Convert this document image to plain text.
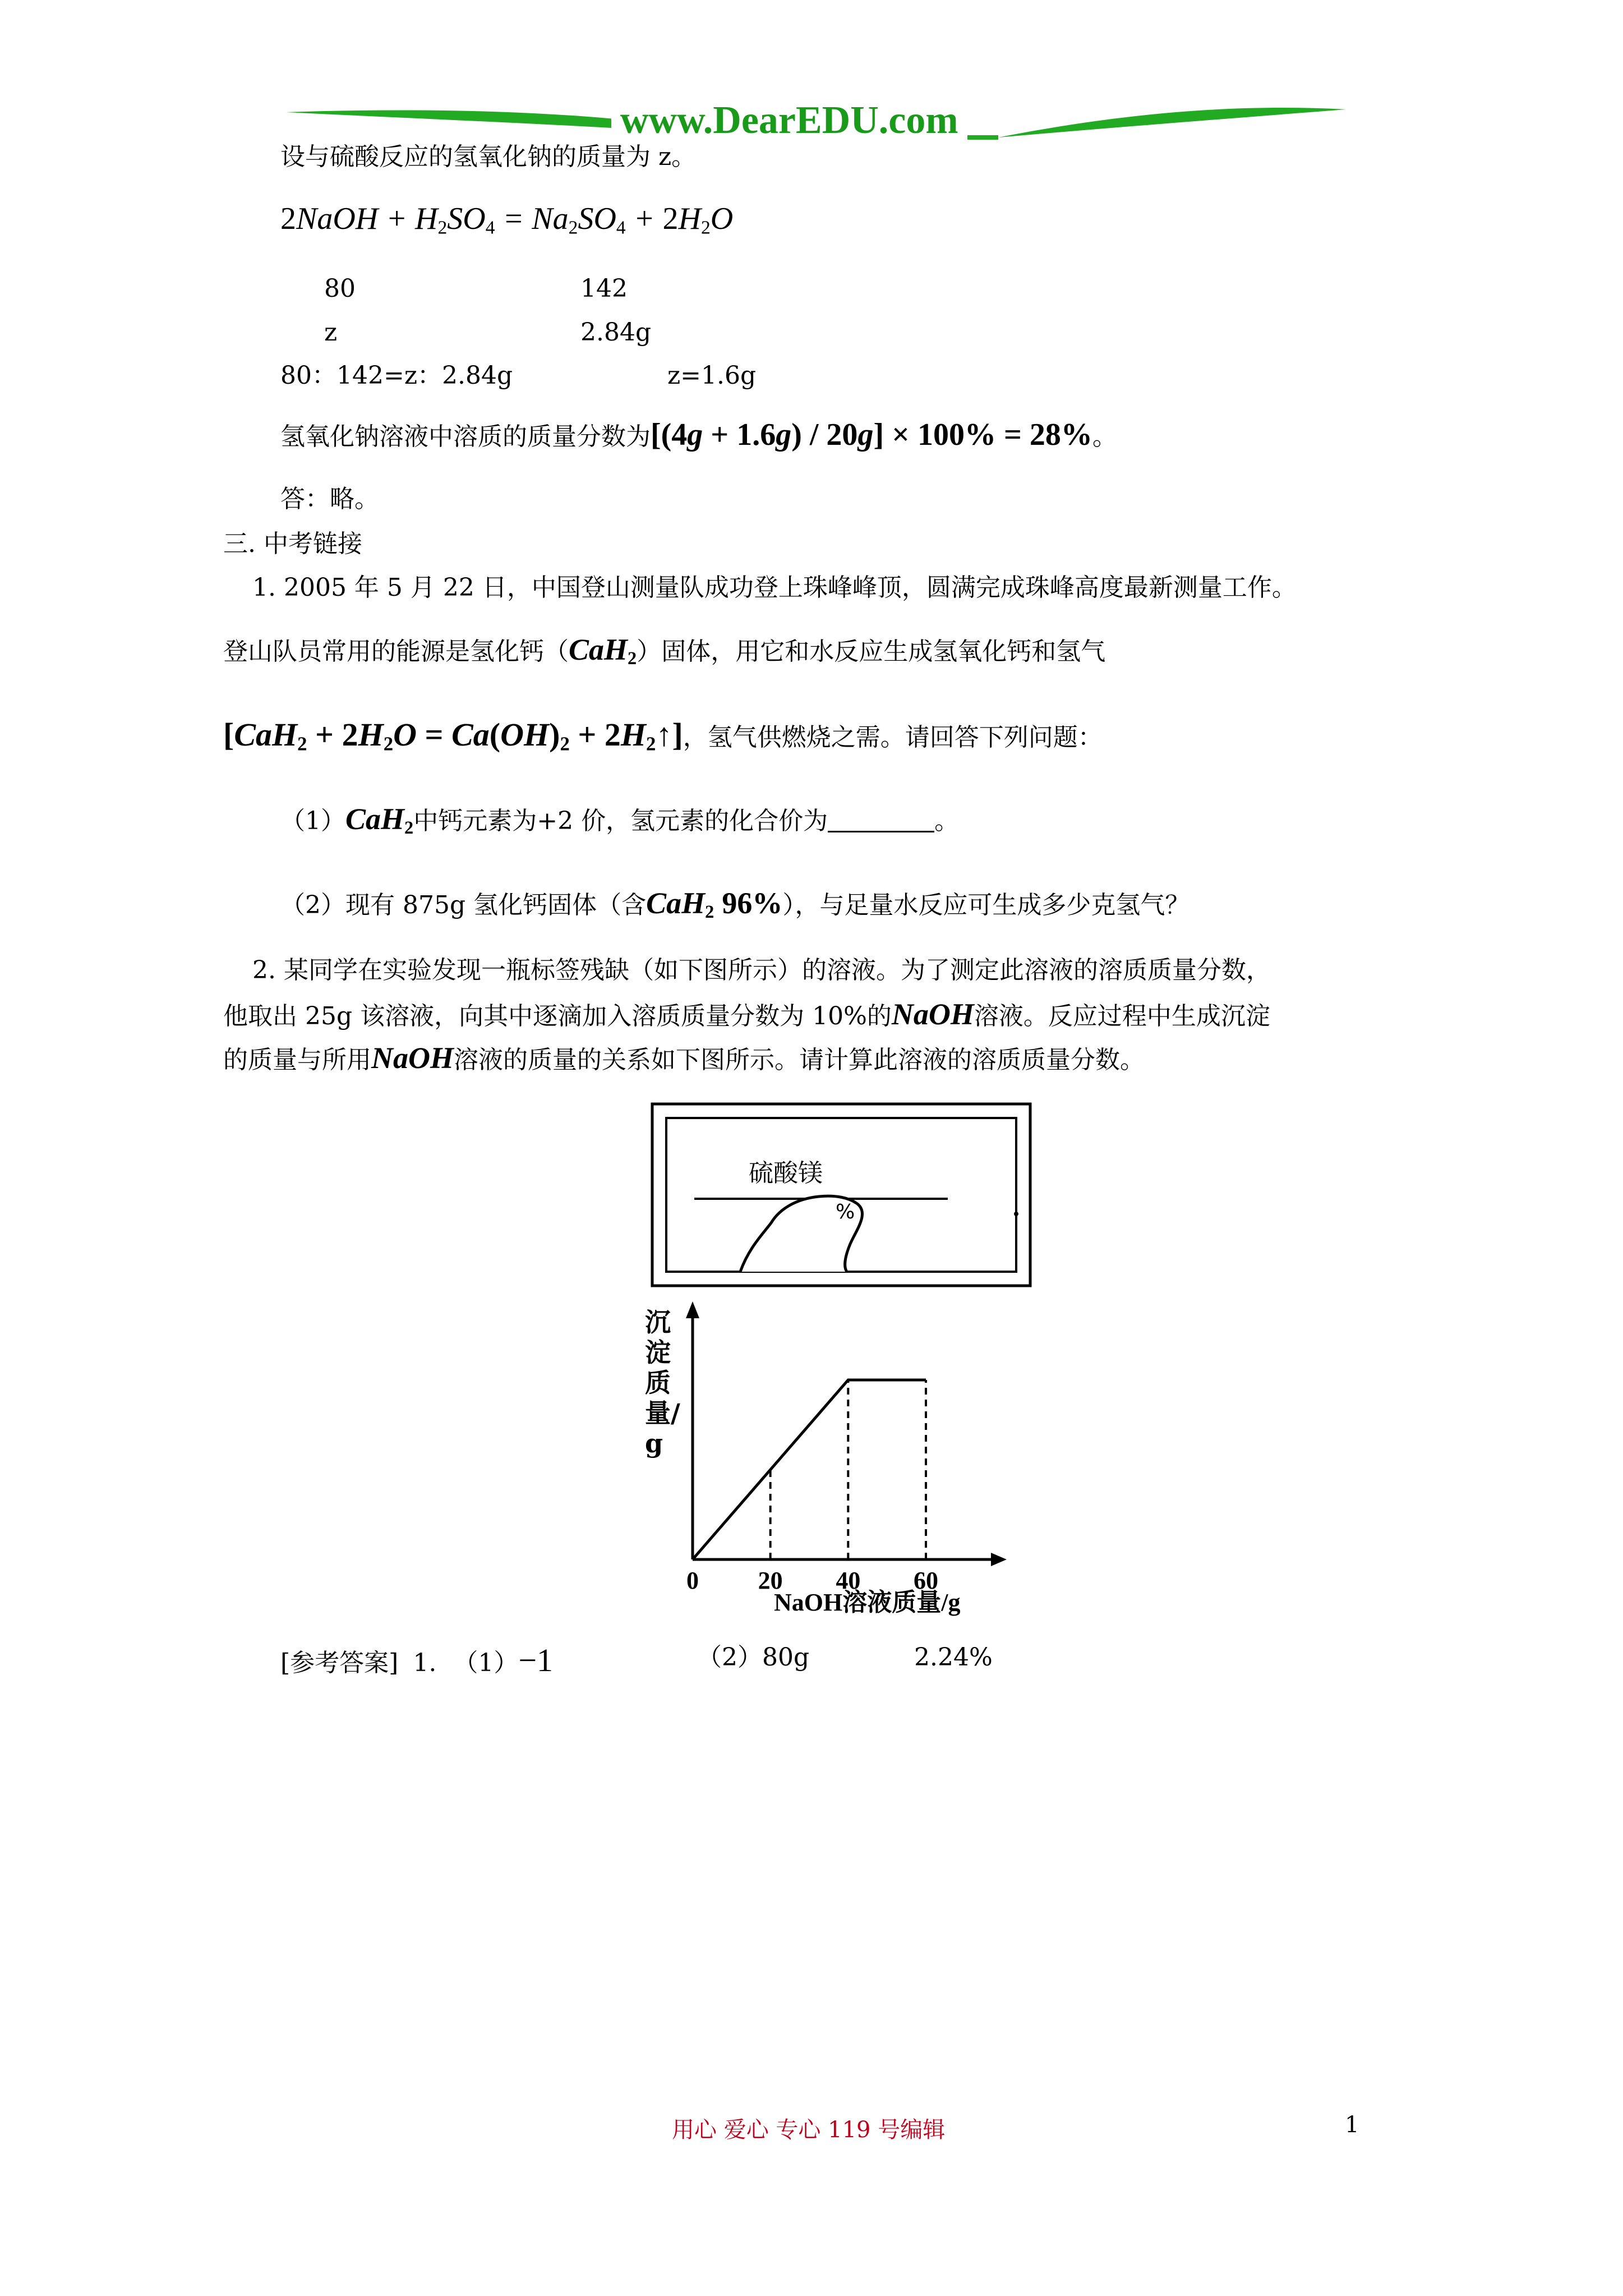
www.DearEDU.com
设与硫酸反应的氢氧化钠的质量为 z。
2NaOH + $H_2SO_4 = Na_2SO_4 + 2H_2O$
80	142
z	2.84g
80：142=z：2.84g	z=1.6g
氢氧化钠溶液中溶质的质量分数为[(4g + 1.6g) / 20g] × 100% = 28%。
答：略。
三. 中考链接
1. 2005 年 5 月 22 日，中国登山测量队成功登上珠峰峰顶，圆满完成珠峰高度最新测量工作。
登山队员常用的能源是氢化钙（CaH$_2$）固体，用它和水反应生成氢氧化钙和氢气
[$CaH_2 + 2H_2O = Ca(OH)_2$ + $2H_2↑$]，氢气供燃烧之需。请回答下列问题：
（1）CaH$_2$中钙元素为+2 价，氢元素的化合价为	。
（2）现有 875g 氢化钙固体（含CaH$_2$ 96%），与足量水反应可生成多少克氢气？
2. 某同学在实验发现一瓶标签残缺（如下图所示）的溶液。为了测定此溶液的溶质质量分数，
他取出 25g 该溶液，向其中逐滴加入溶质质量分数为 10%的NaOH溶液。反应过程中生成沉淀
的质量与所用NaOH溶液的质量的关系如下图所示。请计算此溶液的溶质质量分数。
硫酸镁
%
0 20 40 60
沉淀质量/g
NaOH溶液质量/g
[参考答案] 1. （1）−1	（2）80g	2.24%
用心 爱心 专心 119 号编辑	1
